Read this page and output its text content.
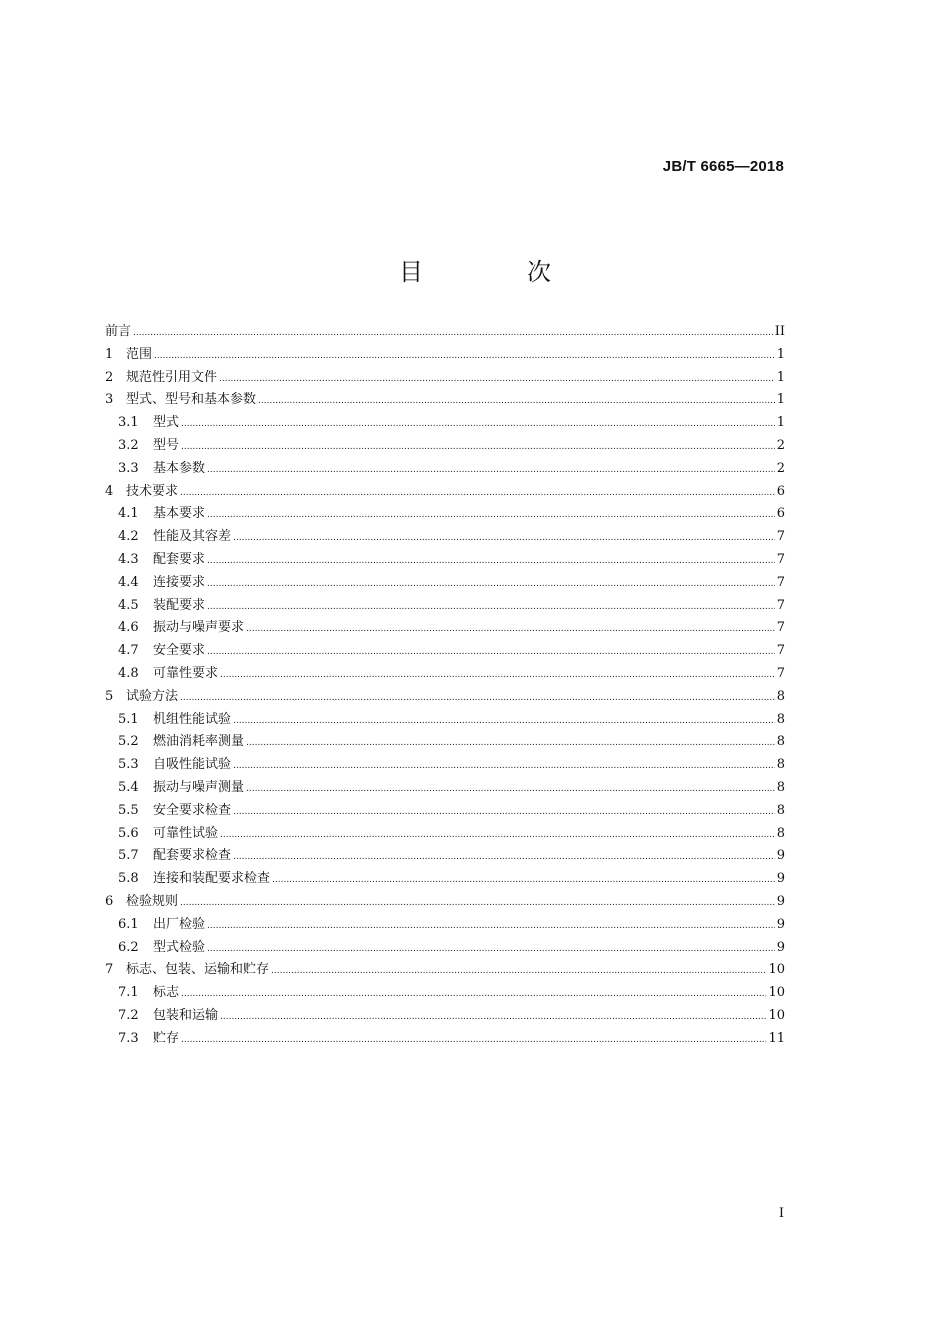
JB/T 6665—2018
目　次
前言 .....	II
1 范围 .....	1
2 规范性引用文件 .....	1
3 型式、型号和基本参数 .....	1
3.1	型式 .....	1
3.2	型号 .....	2
3.3	基本参数 .....	2
4 技术要求 .....	6
4.1	基本要求 .....	6
4.2	性能及其容差 .....	7
4.3	配套要求 .....	7
4.4	连接要求 .....	7
4.5	装配要求 .....	7
4.6	振动与噪声要求 .....	7
4.7	安全要求 .....	7
4.8	可靠性要求 .....	7
5 试验方法 .....	8
5.1	机组性能试验 .....	8
5.2	燃油消耗率测量 .....	8
5.3	自吸性能试验 .....	8
5.4	振动与噪声测量 .....	8
5.5	安全要求检查 .....	8
5.6	可靠性试验 .....	8
5.7	配套要求检查 .....	9
5.8	连接和装配要求检查 .....	9
6 检验规则 .....	9
6.1	出厂检验 .....	9
6.2	型式检验 .....	9
7 标志、包装、运输和贮存 .....	10
7.1	标志 .....	10
7.2	包装和运输 .....	10
7.3	贮存 .....	11
I
